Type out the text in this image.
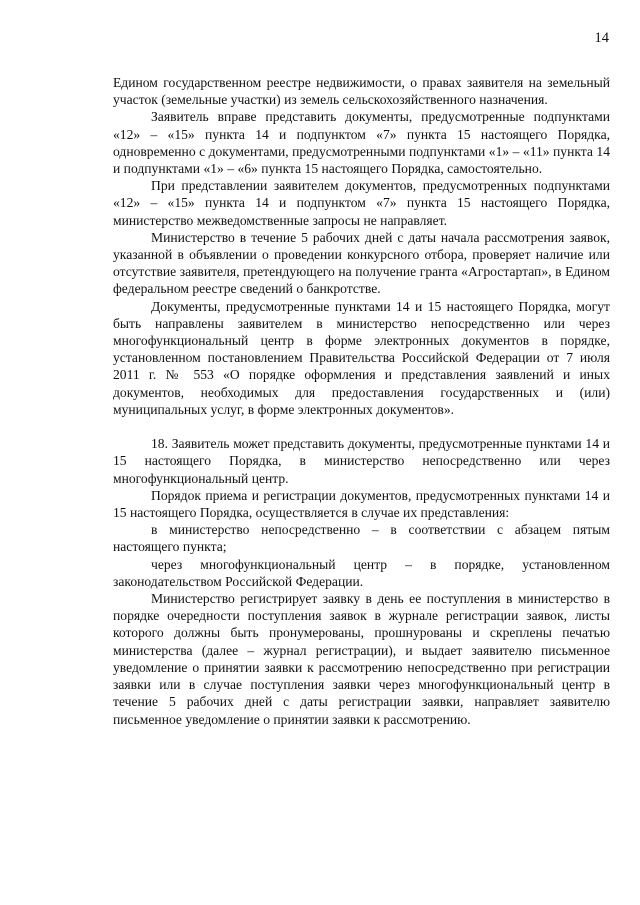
14

Едином государственном реестре недвижимости, о правах заявителя на земельный участок (земельные участки) из земель сельскохозяйственного назначения.

Заявитель вправе представить документы, предусмотренные подпунктами «12» – «15» пункта 14 и подпунктом «7» пункта 15 настоящего Порядка, одновременно с документами, предусмотренными подпунктами «1» – «11» пункта 14 и подпунктами «1» – «6» пункта 15 настоящего Порядка, самостоятельно.

При представлении заявителем документов, предусмотренных подпунктами «12» – «15» пункта 14 и подпунктом «7» пункта 15 настоящего Порядка, министерство межведомственные запросы не направляет.

Министерство в течение 5 рабочих дней с даты начала рассмотрения заявок, указанной в объявлении о проведении конкурсного отбора, проверяет наличие или отсутствие заявителя, претендующего на получение гранта «Агростартап», в Едином федеральном реестре сведений о банкротстве.

Документы, предусмотренные пунктами 14 и 15 настоящего Порядка, могут быть направлены заявителем в министерство непосредственно или через многофункциональный центр в форме электронных документов в порядке, установленном постановлением Правительства Российской Федерации от 7 июля 2011 г. № 553 «О порядке оформления и представления заявлений и иных документов, необходимых для предоставления государственных и (или) муниципальных услуг, в форме электронных документов».

18. Заявитель может представить документы, предусмотренные пунктами 14 и 15 настоящего Порядка, в министерство непосредственно или через многофункциональный центр.

Порядок приема и регистрации документов, предусмотренных пунктами 14 и 15 настоящего Порядка, осуществляется в случае их представления:

в министерство непосредственно – в соответствии с абзацем пятым настоящего пункта;

через многофункциональный центр – в порядке, установленном законодательством Российской Федерации.

Министерство регистрирует заявку в день ее поступления в министерство в порядке очередности поступления заявок в журнале регистрации заявок, листы которого должны быть пронумерованы, прошнурованы и скреплены печатью министерства (далее – журнал регистрации), и выдает заявителю письменное уведомление о принятии заявки к рассмотрению непосредственно при регистрации заявки или в случае поступления заявки через многофункциональный центр в течение 5 рабочих дней с даты регистрации заявки, направляет заявителю письменное уведомление о принятии заявки к рассмотрению.
